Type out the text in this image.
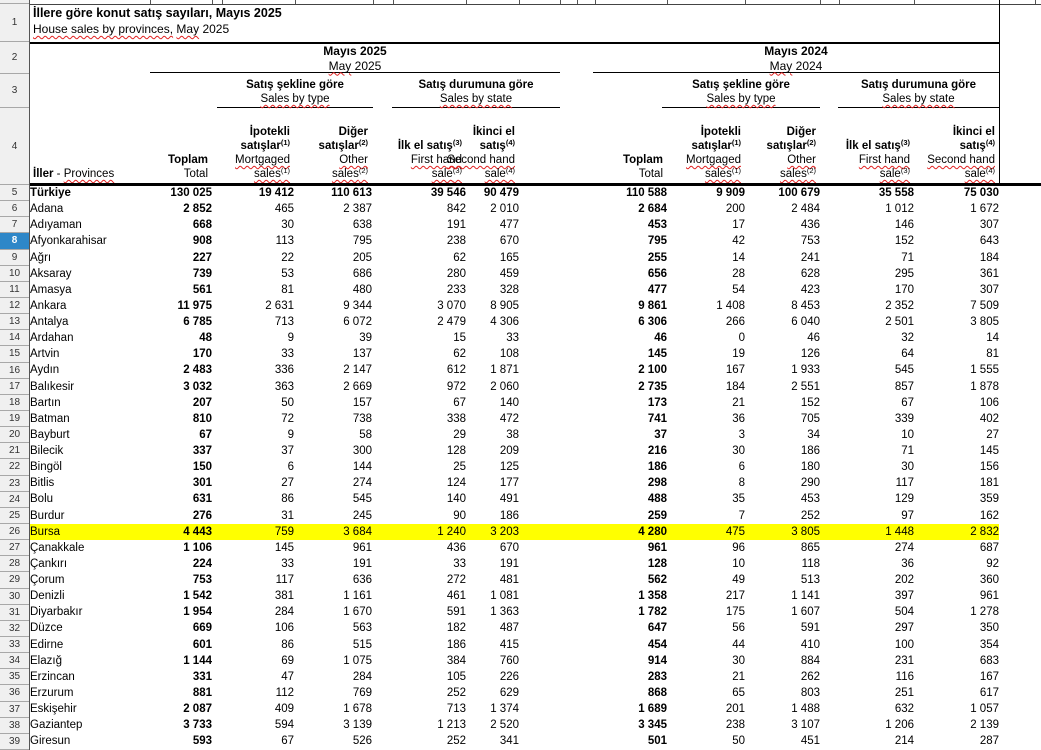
1
2
3
4
5
6
7
8
9
10
11
12
13
14
15
16
17
18
19
20
21
22
23
24
25
26
27
28
29
30
31
32
33
34
35
36
37
38
39
İllere göre konut satış sayıları, Mayıs 2025
House sales by provinces, May 2025
Mayıs 2025
May 2025
Mayıs 2024
May 2024
Satış şekline göre
Sales by type
Satış durumuna göre
Sales by state
Satış şekline göre
Sales by type
Satış durumuna göre
Sales by state
İller - Provinces
Toplam
Total
İpotekli
satışlar$^{(1)}$
Mortgaged
sales$^{(1)}$
Diğer
satışlar$^{(2)}$
Other
sales$^{(2)}$
İlk el satış$^{(3)}$
First hand
sale$^{(3)}$
İkinci el
satış$^{(4)}$
Second hand
sale$^{(4)}$
Toplam
Total
İpotekli
satışlar$^{(1)}$
Mortgaged
sales$^{(1)}$
Diğer
satışlar$^{(2)}$
Other
sales$^{(2)}$
İlk el satış$^{(3)}$
First hand
sale$^{(3)}$
İkinci el
satış$^{(4)}$
Second hand
sale$^{(4)}$
Türkiye	130 025	19 412	110 613	39 546	90 479		110 588	9 909	100 679	35 558	75 030
Adana	2 852	465	2 387	842	2 010		2 684	200	2 484	1 012	1 672
Adıyaman	668	30	638	191	477		453	17	436	146	307
Afyonkarahisar	908	113	795	238	670		795	42	753	152	643
Ağrı	227	22	205	62	165		255	14	241	71	184
Aksaray	739	53	686	280	459		656	28	628	295	361
Amasya	561	81	480	233	328		477	54	423	170	307
Ankara	11 975	2 631	9 344	3 070	8 905		9 861	1 408	8 453	2 352	7 509
Antalya	6 785	713	6 072	2 479	4 306		6 306	266	6 040	2 501	3 805
Ardahan	48	9	39	15	33		46	0	46	32	14
Artvin	170	33	137	62	108		145	19	126	64	81
Aydın	2 483	336	2 147	612	1 871		2 100	167	1 933	545	1 555
Balıkesir	3 032	363	2 669	972	2 060		2 735	184	2 551	857	1 878
Bartın	207	50	157	67	140		173	21	152	67	106
Batman	810	72	738	338	472		741	36	705	339	402
Bayburt	67	9	58	29	38		37	3	34	10	27
Bilecik	337	37	300	128	209		216	30	186	71	145
Bingöl	150	6	144	25	125		186	6	180	30	156
Bitlis	301	27	274	124	177		298	8	290	117	181
Bolu	631	86	545	140	491		488	35	453	129	359
Burdur	276	31	245	90	186		259	7	252	97	162
Bursa	4 443	759	3 684	1 240	3 203		4 280	475	3 805	1 448	2 832
Çanakkale	1 106	145	961	436	670		961	96	865	274	687
Çankırı	224	33	191	33	191		128	10	118	36	92
Çorum	753	117	636	272	481		562	49	513	202	360
Denizli	1 542	381	1 161	461	1 081		1 358	217	1 141	397	961
Diyarbakır	1 954	284	1 670	591	1 363		1 782	175	1 607	504	1 278
Düzce	669	106	563	182	487		647	56	591	297	350
Edirne	601	86	515	186	415		454	44	410	100	354
Elazığ	1 144	69	1 075	384	760		914	30	884	231	683
Erzincan	331	47	284	105	226		283	21	262	116	167
Erzurum	881	112	769	252	629		868	65	803	251	617
Eskişehir	2 087	409	1 678	713	1 374		1 689	201	1 488	632	1 057
Gaziantep	3 733	594	3 139	1 213	2 520		3 345	238	3 107	1 206	2 139
Giresun	593	67	526	252	341		501	50	451	214	287
